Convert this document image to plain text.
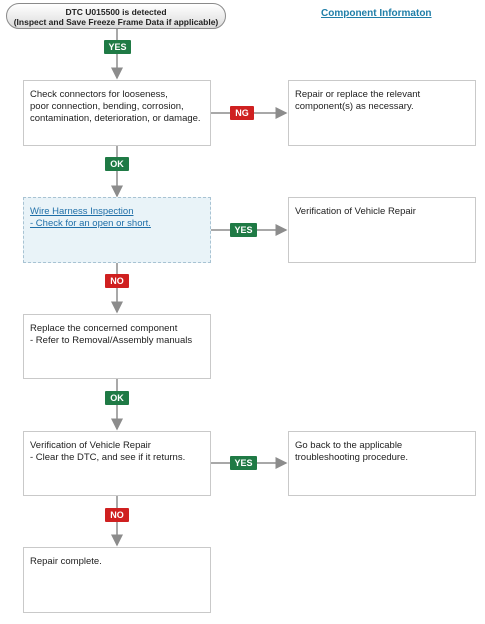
DTC U015500 is detected
(Inspect and Save Freeze Frame Data if applicable)
Component Informaton
Check connectors for looseness,
poor connection, bending, corrosion,
contamination, deterioration, or damage.
Repair or replace the relevant
component(s) as necessary.
Wire Harness Inspection
- Check for an open or short.
Verification of Vehicle Repair
Replace the concerned component
- Refer to Removal/Assembly manuals
Verification of Vehicle Repair
- Clear the DTC, and see if it returns.
Go back to the applicable
troubleshooting procedure.
Repair complete.
YES
NG
OK
YES
NO
OK
YES
NO
